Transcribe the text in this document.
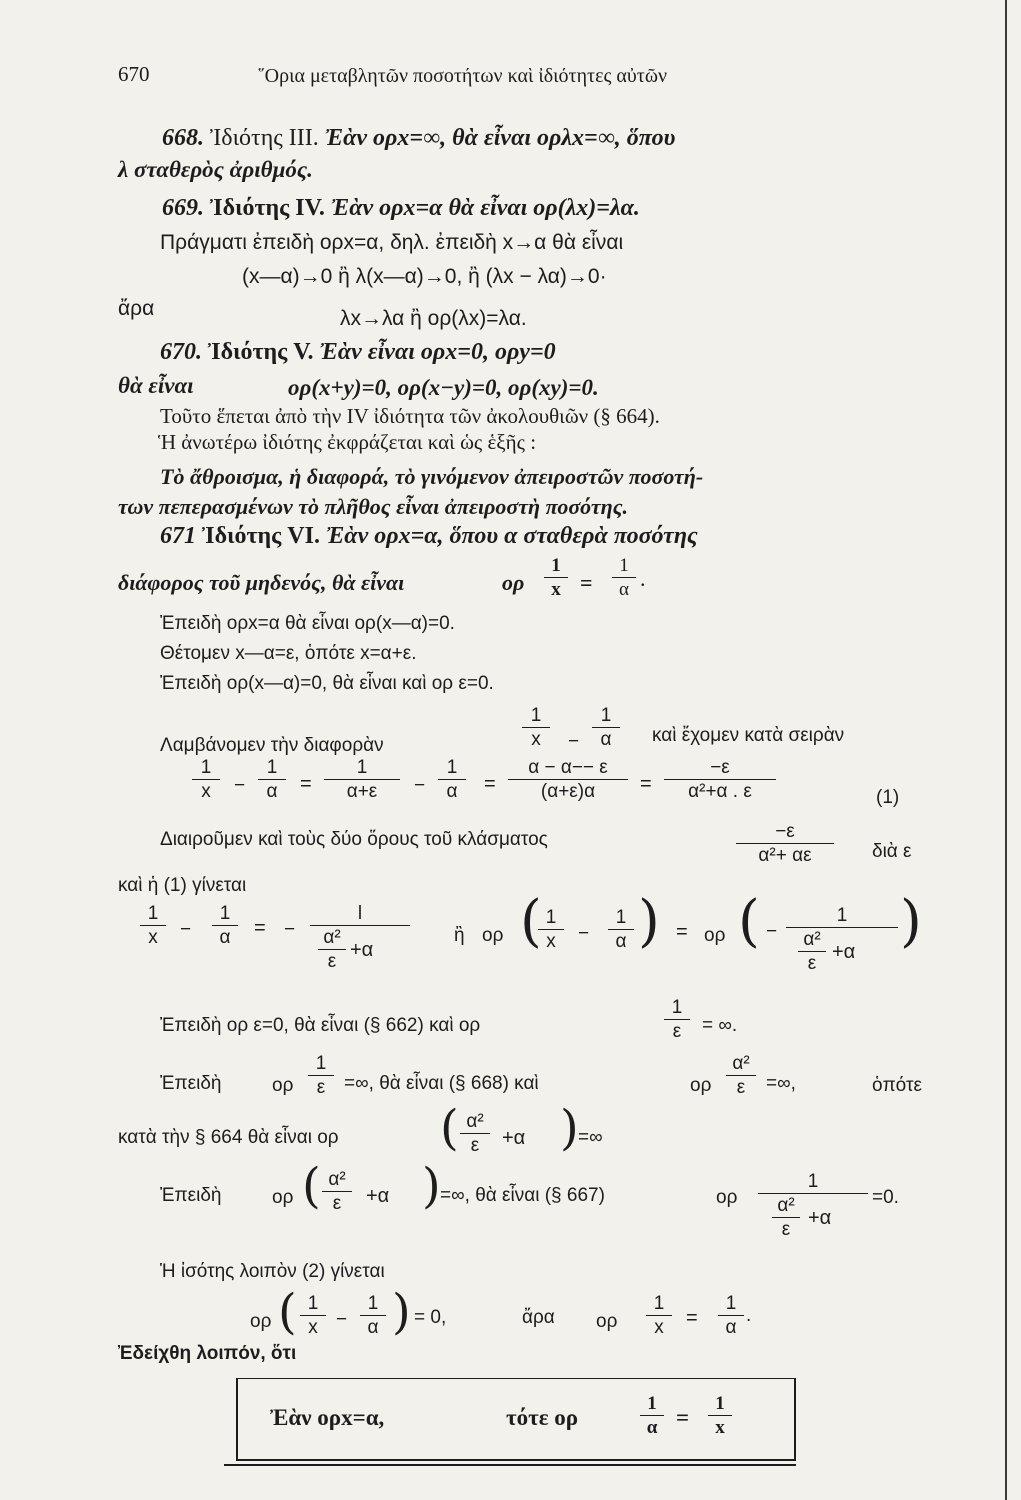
670	῞Ορια μεταβλητῶν ποσοτήτων καὶ ἰδιότητες αὐτῶν
668. Ἰδιότης III. Ἐὰν ορx=∞, θὰ εἶναι ορλx=∞, ὅπου
λ σταθερὸς ἀριθμός.
669. Ἰδιότης IV. Ἐὰν ορx=α θὰ εἶναι ορ(λx)=λα.
Πράγματι ἐπειδὴ ορx=α, δηλ. ἐπειδὴ x→α θὰ εἶναι
(x—α)→0 ἢ λ(x—α)→0, ἢ (λx − λα)→0·
ἄρα	λx→λα ἢ ορ(λx)=λα.
670. Ἰδιότης V. Ἐὰν εἶναι ορx=0, ορy=0
θὰ εἶναι	ορ(x+y)=0, ορ(x−y)=0, ορ(xy)=0.
Τοῦτο ἕπεται ἀπὸ τὴν IV ἰδιότητα τῶν ἀκολουθιῶν (§ 664).
Ἡ ἀνωτέρω ἰδιότης ἐκφράζεται καὶ ὡς ἑξῆς :
Τὸ ἄθροισμα, ἡ διαφορά, τὸ γινόμενον ἀπειροστῶν ποσοτή-
των πεπερασμένων τὸ πλῆθος εἶναι ἀπειροστὴ ποσότης.
671 Ἰδιότης VI. Ἐὰν ορx=α, ὅπου α σταθερὰ ποσότης
διάφορος τοῦ μηδενός, θὰ εἶναι	ορ
1
x =
1
α .
Ἐπειδὴ ορx=α θὰ εἶναι ορ(x—α)=0.
Θέτομεν x—α=ε, ὁπότε x=α+ε.
Ἐπειδὴ ορ(x—α)=0, θὰ εἶναι καὶ ορ ε=0.
Λαμβάνομεν τὴν διαφορὰν
1
x	−
1
α	καὶ ἔχομεν κατὰ σειρὰν
1
x	−
1
α	=
1
α+ε	−
1
α	=
α − α−− ε
(α+ε)α	=
−ε
α²+α . ε	(1)
Διαιροῦμεν καὶ τοὺς δύο ὅρους τοῦ κλάσματος	−ε
α²+ αε	διὰ ε
καὶ ἡ (1) γίνεται
1
x	−
1
α	= −
l
α²
ε
+α
ἢ ορ ( 1
x	−
1
α ) = ορ ( −
1
α²
ε
+α )
Ἐπειδὴ ορ ε=0, θὰ εἶναι (§ 662) καὶ ορ
1
ε	= ∞.
Ἐπειδὴ	ορ
1
ε =∞, θὰ εἶναι (§ 668) καὶ	ορ
α²
ε	=∞,	ὁπότε
κατὰ τὴν § 664 θὰ εἶναι ορ ( α²
ε	+α ) =∞
Ἐπειδὴ	ορ ( α²
ε	+α ) =∞, θὰ εἶναι (§ 667)	ορ
1
α²
ε
+α
=0.
Ἡ ἰσότης λοιπὸν (2) γίνεται
ορ ( 1
x −
1
α ) = 0,	ἄρα ορ
1
x	=
1
α
.
Ἐδείχθη λοιπόν, ὅτι
Ἐὰν ορx=α,	τότε ορ
1
α =
1
x
